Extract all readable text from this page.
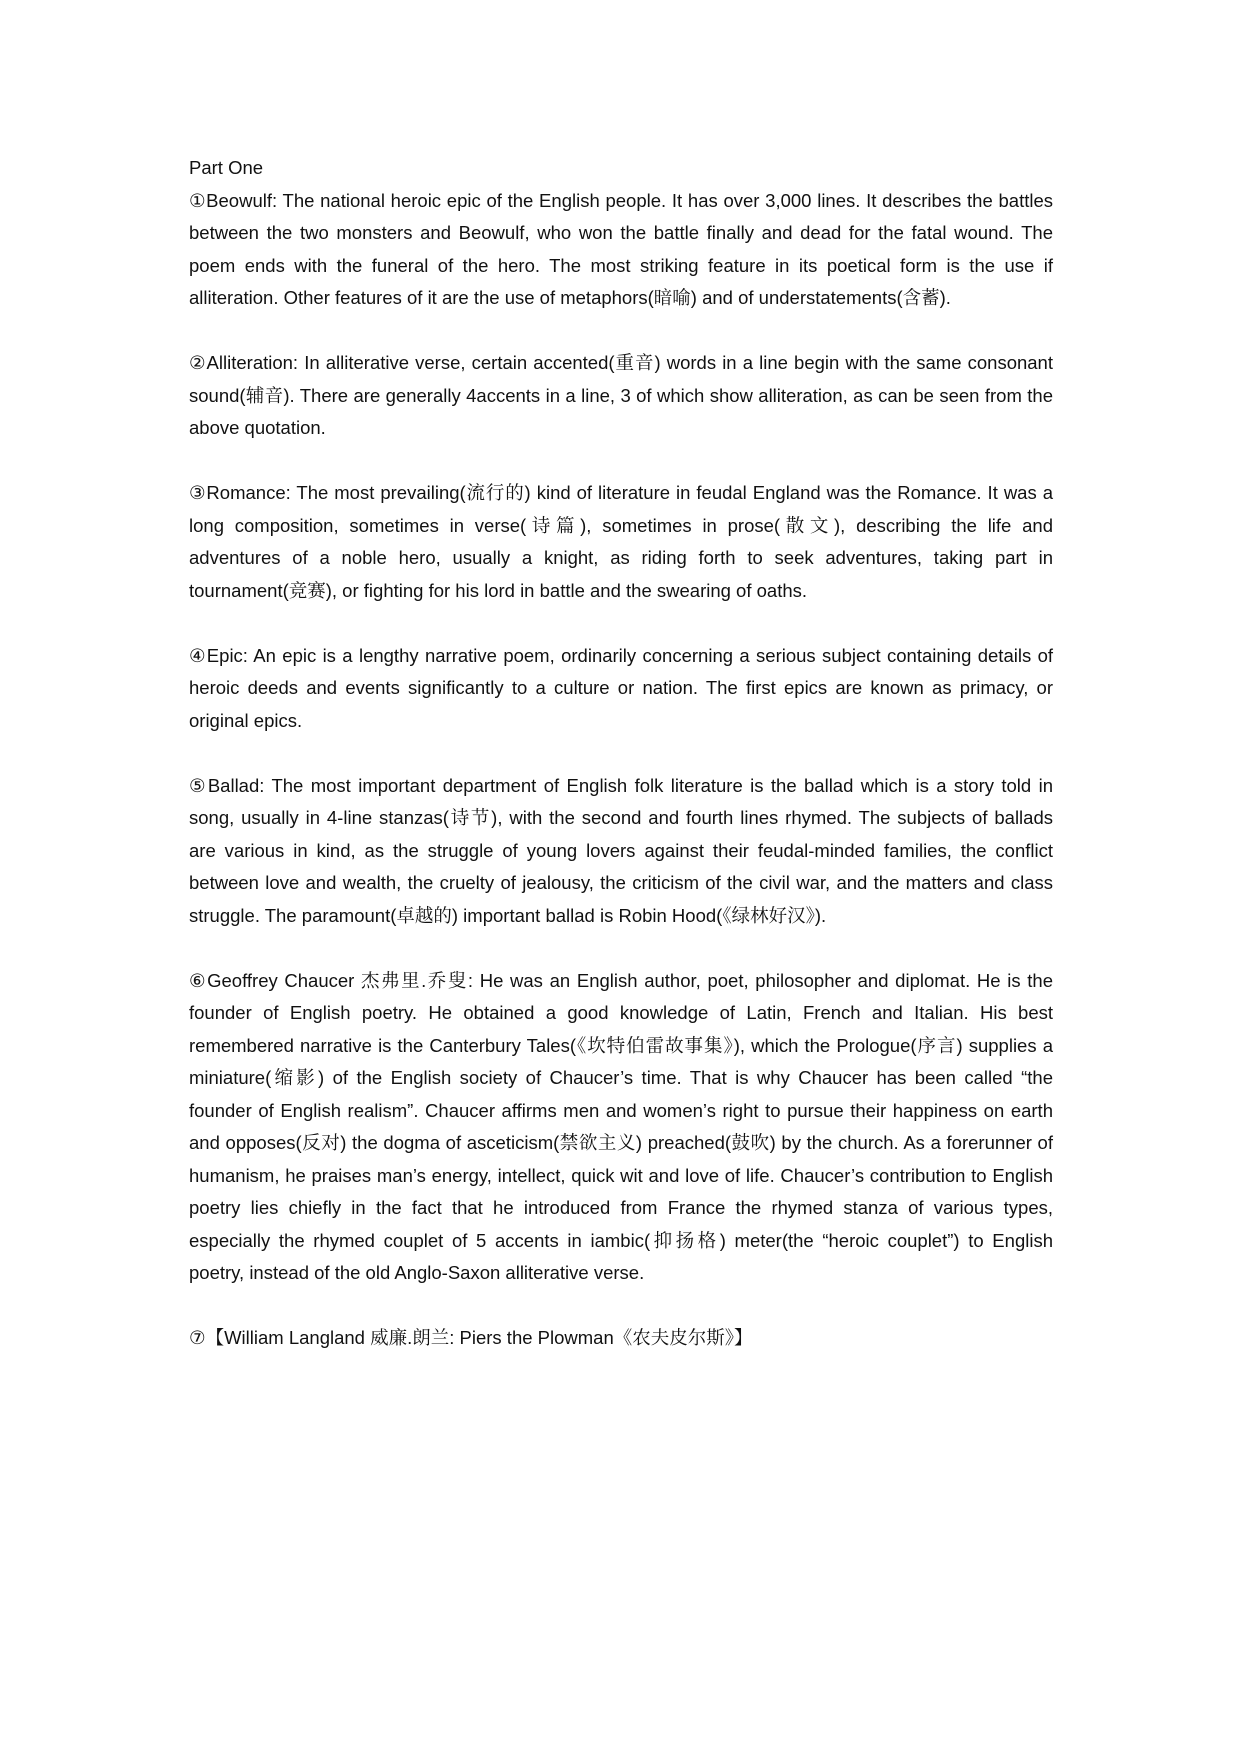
Part One

①Beowulf: The national heroic epic of the English people. It has over 3,000 lines. It describes the battles between the two monsters and Beowulf, who won the battle finally and dead for the fatal wound. The poem ends with the funeral of the hero. The most striking feature in its poetical form is the use if alliteration. Other features of it are the use of metaphors(暗喻) and of understatements(含蓄).

②Alliteration: In alliterative verse, certain accented(重音) words in a line begin with the same consonant sound(辅音). There are generally 4accents in a line, 3 of which show alliteration, as can be seen from the above quotation.

③Romance: The most prevailing(流行的) kind of literature in feudal England was the Romance. It was a long composition, sometimes in verse(诗篇), sometimes in prose(散文), describing the life and adventures of a noble hero, usually a knight, as riding forth to seek adventures, taking part in tournament(竞赛), or fighting for his lord in battle and the swearing of oaths.

④Epic: An epic is a lengthy narrative poem, ordinarily concerning a serious subject containing details of heroic deeds and events significantly to a culture or nation. The first epics are known as primacy, or original epics.

⑤Ballad: The most important department of English folk literature is the ballad which is a story told in song, usually in 4-line stanzas(诗节), with the second and fourth lines rhymed. The subjects of ballads are various in kind, as the struggle of young lovers against their feudal-minded families, the conflict between love and wealth, the cruelty of jealousy, the criticism of the civil war, and the matters and class struggle. The paramount(卓越的) important ballad is Robin Hood(《绿林好汉》).

⑥Geoffrey Chaucer 杰弗里.乔叟: He was an English author, poet, philosopher and diplomat. He is the founder of English poetry. He obtained a good knowledge of Latin, French and Italian. His best remembered narrative is the Canterbury Tales(《坎特伯雷故事集》), which the Prologue(序言) supplies a miniature(缩影) of the English society of Chaucer’s time. That is why Chaucer has been called “the founder of English realism”. Chaucer affirms men and women’s right to pursue their happiness on earth and opposes(反对) the dogma of asceticism(禁欲主义) preached(鼓吹) by the church. As a forerunner of humanism, he praises man’s energy, intellect, quick wit and love of life. Chaucer’s contribution to English poetry lies chiefly in the fact that he introduced from France the rhymed stanza of various types, especially the rhymed couplet of 5 accents in iambic(抑扬格) meter(the “heroic couplet”) to English poetry, instead of the old Anglo-Saxon alliterative verse.

⑦【William Langland 威廉.朗兰: Piers the Plowman《农夫皮尔斯》】
